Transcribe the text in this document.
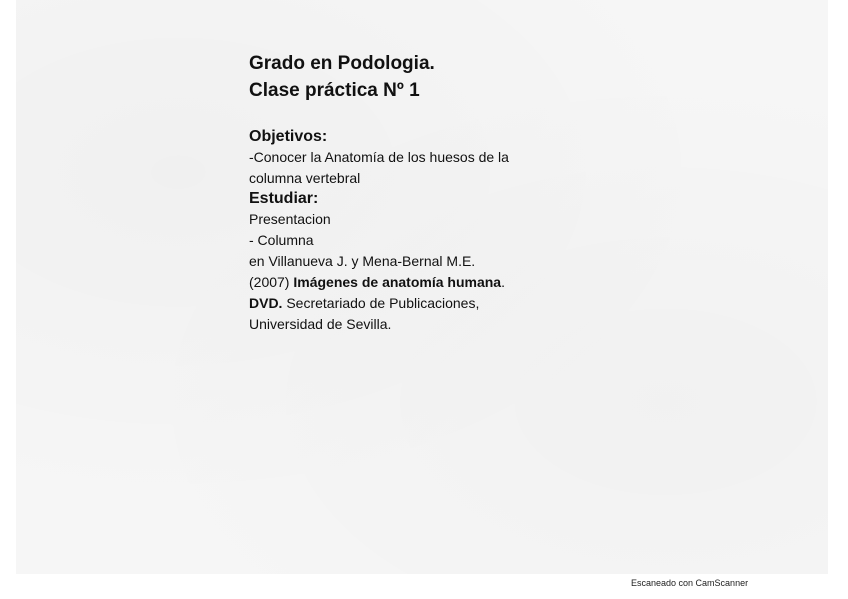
Grado en Podologia.

Clase práctica Nº 1

Objetivos:

-Conocer la Anatomía de los huesos de la

columna vertebral

Estudiar:

Presentacion

- Columna

en Villanueva J. y Mena-Bernal M.E.

(2007) Imágenes de anatomía humana.

DVD. Secretariado de Publicaciones,

Universidad de Sevilla.

Escaneado con CamScanner
